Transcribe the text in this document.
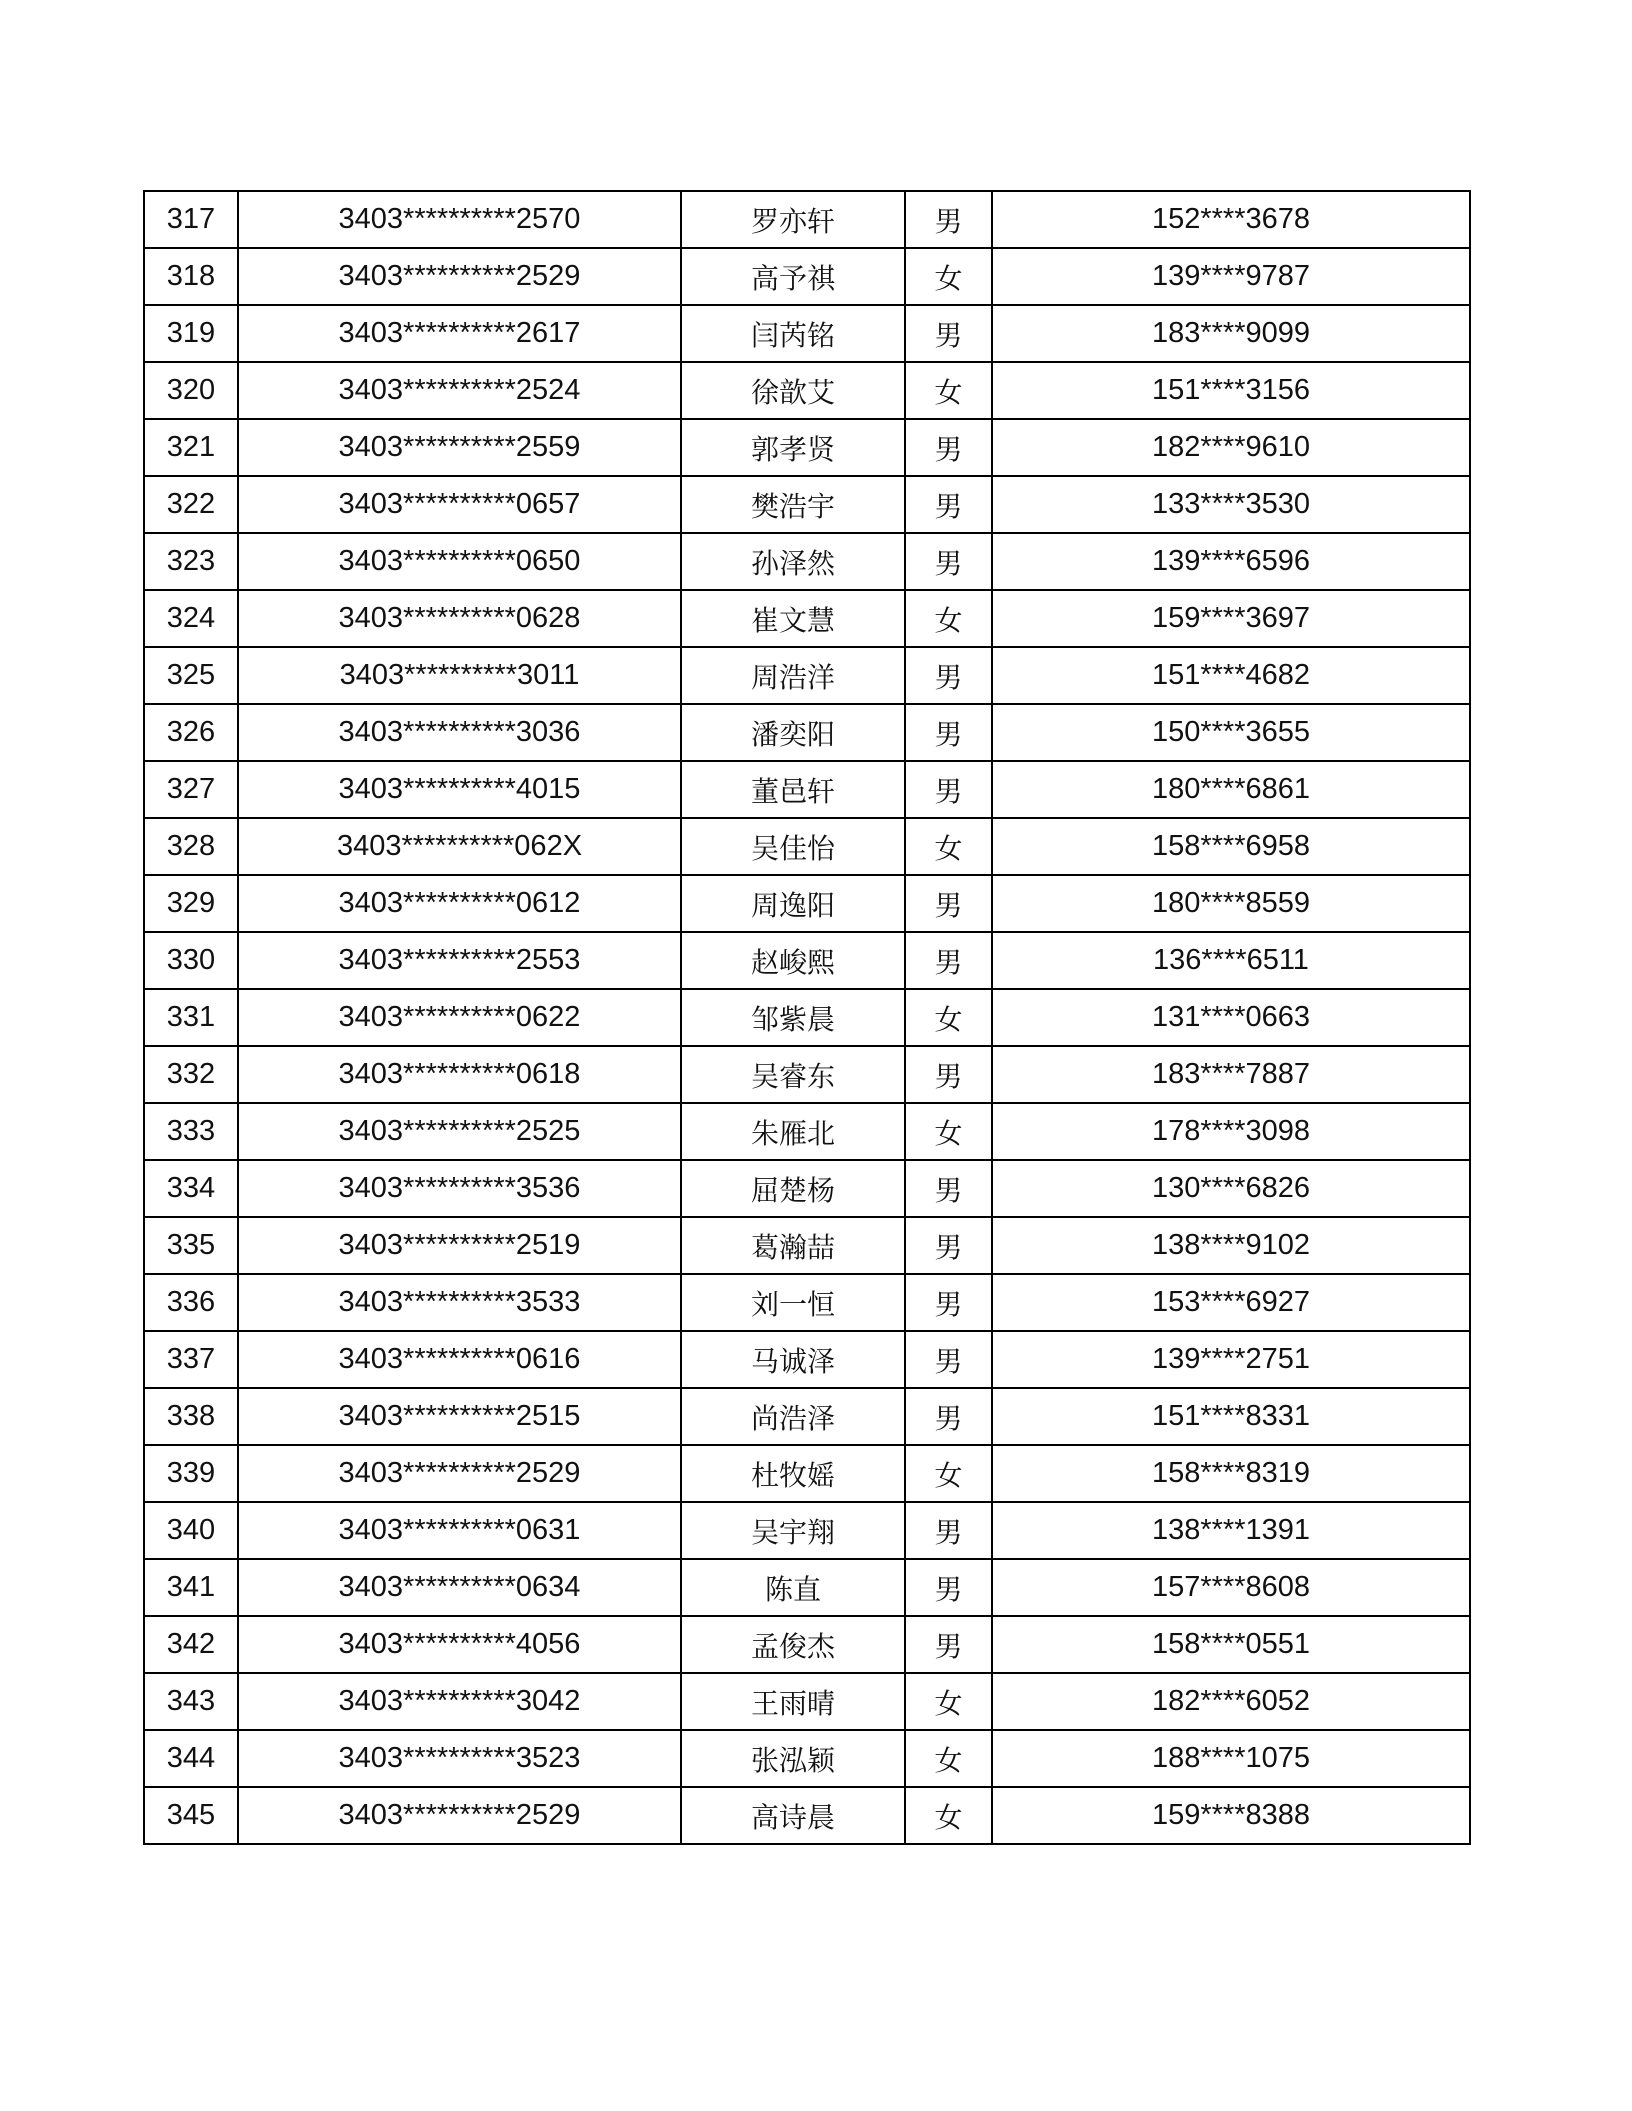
317	3403**********2570	罗亦轩	男	152****3678
318	3403**********2529	高予祺	女	139****9787
319	3403**********2617	闫芮铭	男	183****9099
320	3403**********2524	徐歆艾	女	151****3156
321	3403**********2559	郭孝贤	男	182****9610
322	3403**********0657	樊浩宇	男	133****3530
323	3403**********0650	孙泽然	男	139****6596
324	3403**********0628	崔文慧	女	159****3697
325	3403**********3011	周浩洋	男	151****4682
326	3403**********3036	潘奕阳	男	150****3655
327	3403**********4015	董邑轩	男	180****6861
328	3403**********062X	吴佳怡	女	158****6958
329	3403**********0612	周逸阳	男	180****8559
330	3403**********2553	赵峻熙	男	136****6511
331	3403**********0622	邹紫晨	女	131****0663
332	3403**********0618	吴睿东	男	183****7887
333	3403**********2525	朱雁北	女	178****3098
334	3403**********3536	屈楚杨	男	130****6826
335	3403**********2519	葛瀚喆	男	138****9102
336	3403**********3533	刘一恒	男	153****6927
337	3403**********0616	马诚泽	男	139****2751
338	3403**********2515	尚浩泽	男	151****8331
339	3403**********2529	杜牧媱	女	158****8319
340	3403**********0631	吴宇翔	男	138****1391
341	3403**********0634	陈直	男	157****8608
342	3403**********4056	孟俊杰	男	158****0551
343	3403**********3042	王雨晴	女	182****6052
344	3403**********3523	张泓颖	女	188****1075
345	3403**********2529	高诗晨	女	159****8388
